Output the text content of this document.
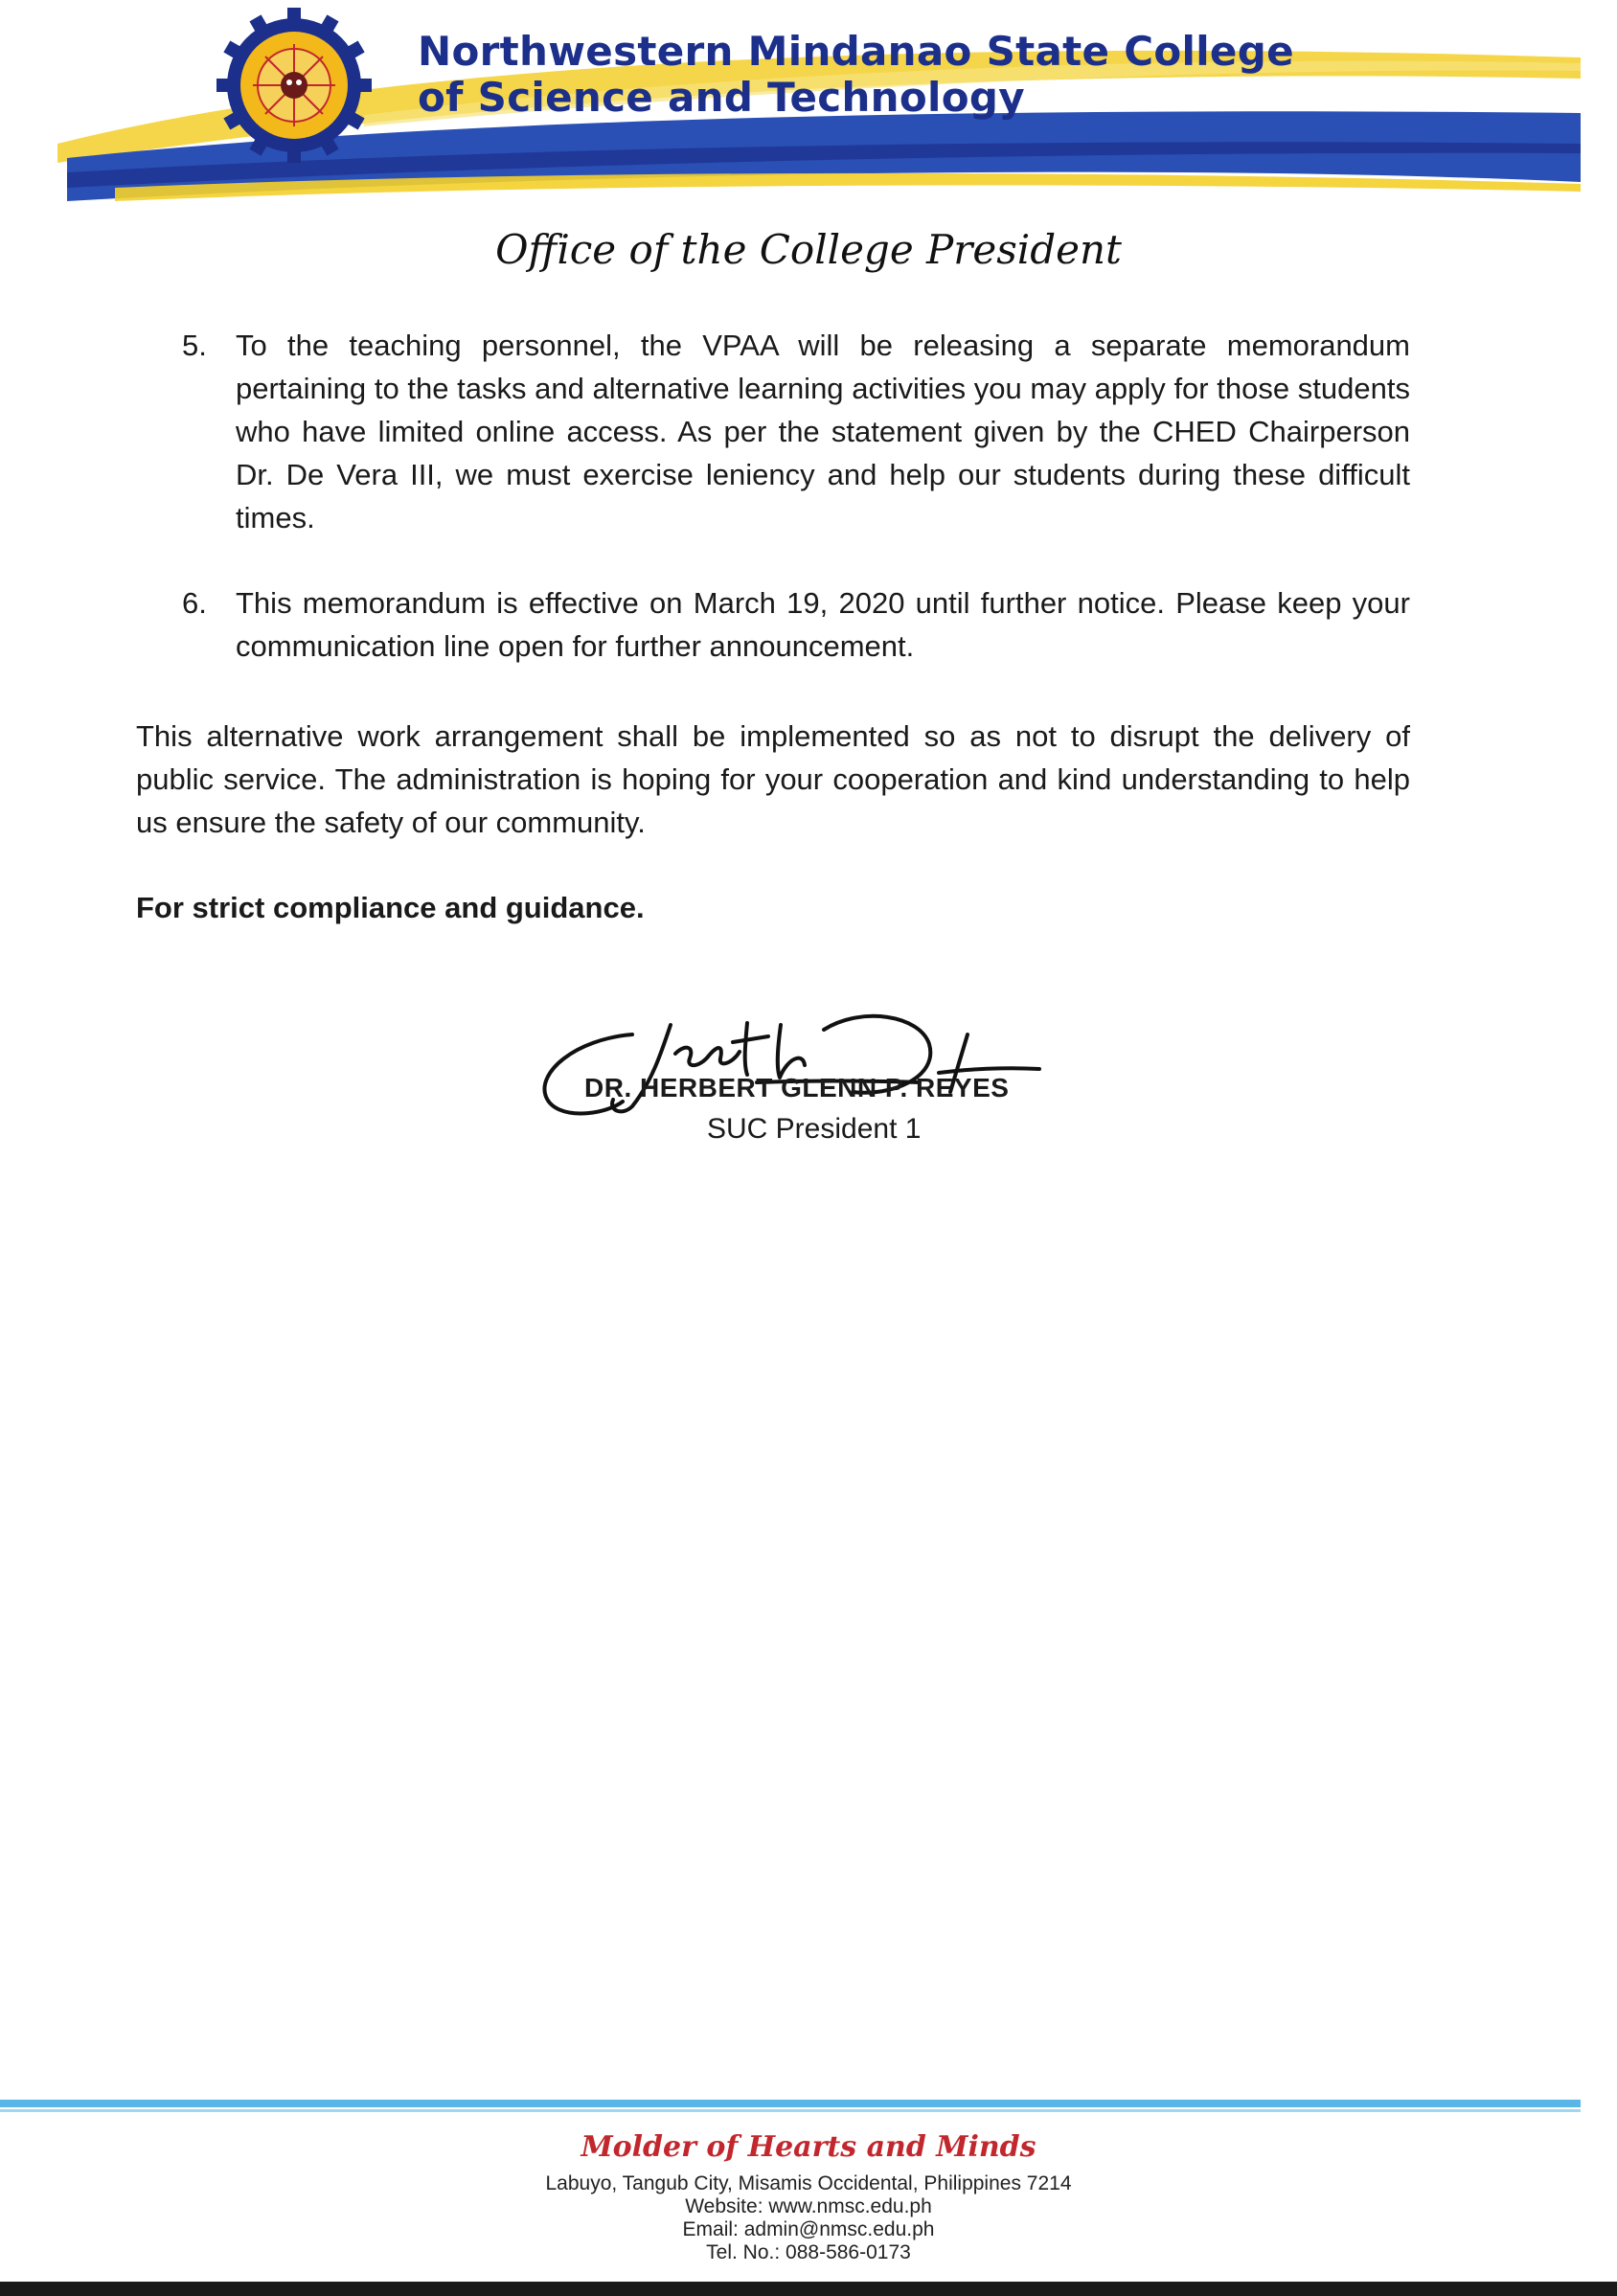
Northwestern Mindanao State College
of Science and Technology
Office of the College President
5. To the teaching personnel, the VPAA will be releasing a separate memorandum pertaining to the tasks and alternative learning activities you may apply for those students who have limited online access. As per the statement given by the CHED Chairperson Dr. De Vera III, we must exercise leniency and help our students during these difficult times.
6. This memorandum is effective on March 19, 2020 until further notice. Please keep your communication line open for further announcement.
This alternative work arrangement shall be implemented so as not to disrupt the delivery of public service. The administration is hoping for your cooperation and kind understanding to help us ensure the safety of our community.
For strict compliance and guidance.
DR. HERBERT GLENN P. REYES
SUC President 1
Molder of Hearts and Minds
Labuyo, Tangub City, Misamis Occidental, Philippines 7214
Website: www.nmsc.edu.ph
Email: admin@nmsc.edu.ph
Tel. No.: 088-586-0173
